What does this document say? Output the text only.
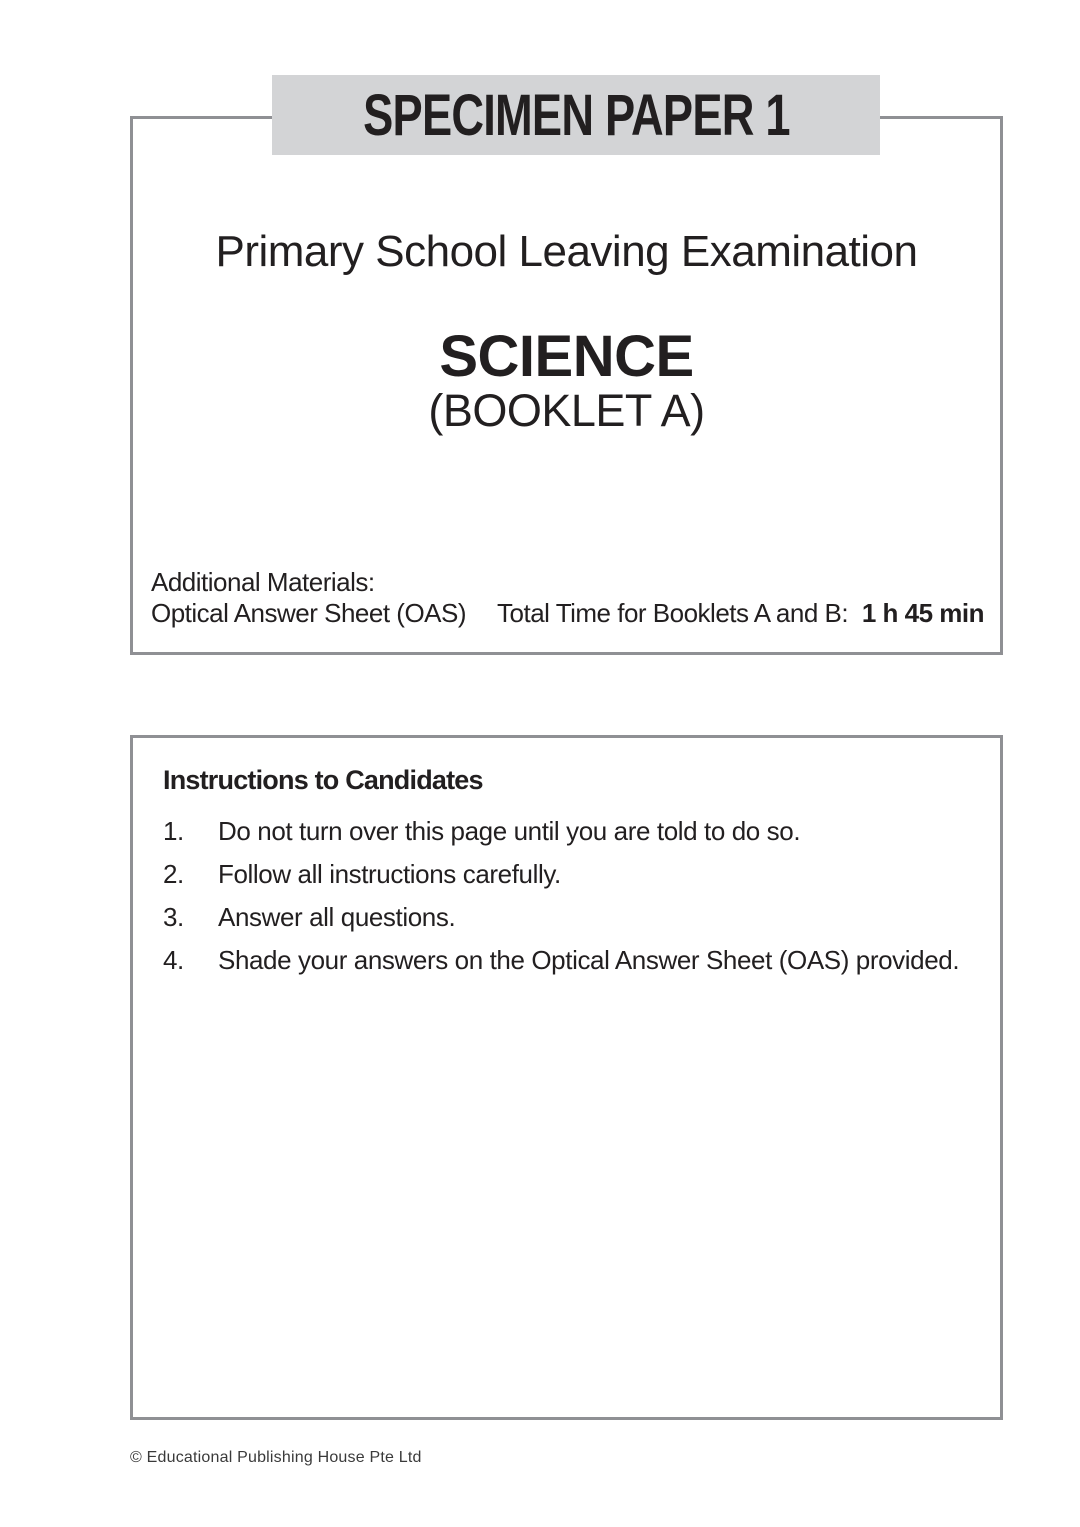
SPECIMEN PAPER 1
Primary School Leaving Examination
SCIENCE
(BOOKLET A)
Additional Materials:
Optical Answer Sheet (OAS) Total Time for Booklets A and B: 1 h 45 min
Instructions to Candidates
1.	Do not turn over this page until you are told to do so.
2.	Follow all instructions carefully.
3.	Answer all questions.
4.	Shade your answers on the Optical Answer Sheet (OAS) provided.
© Educational Publishing House Pte Ltd
